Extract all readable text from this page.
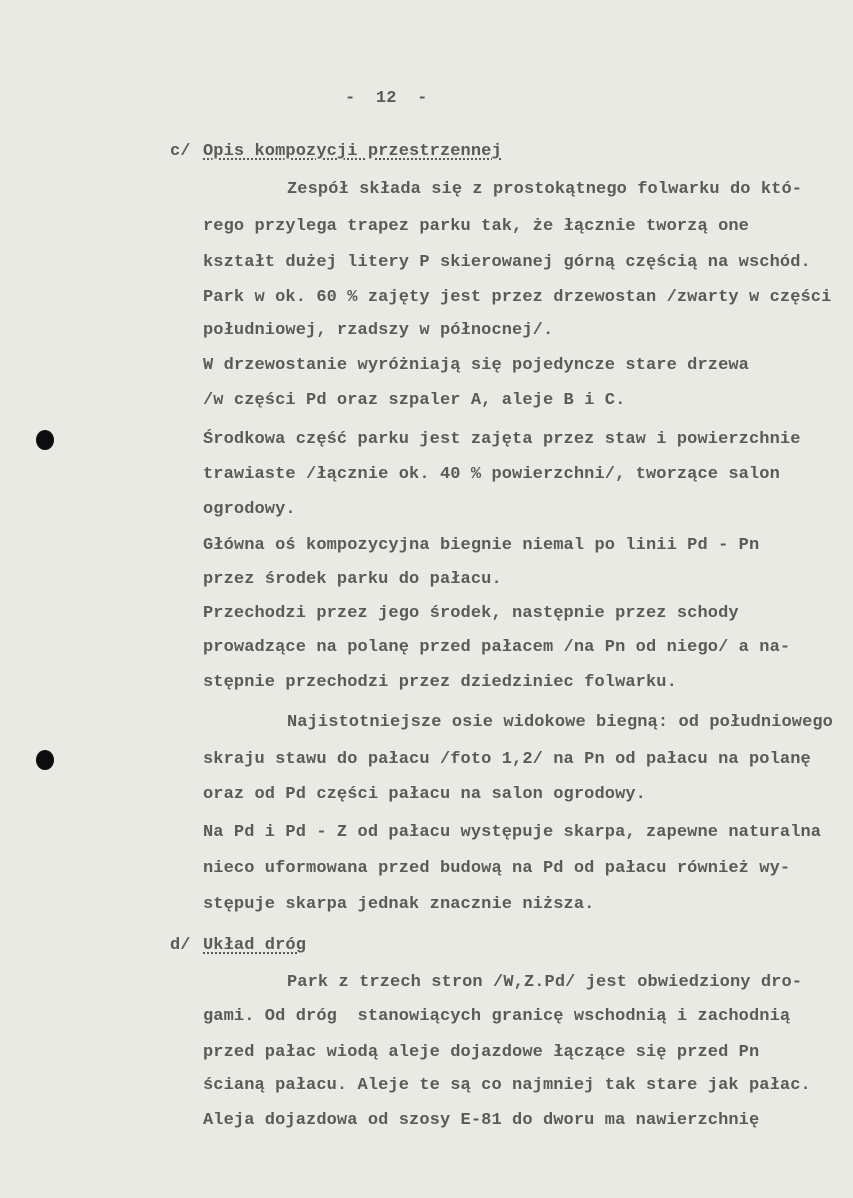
-  12  -
c/ Opis kompozycji przestrzennej
d/ Układ dróg
Zespół składa się z prostokątnego folwarku do któ-
rego przylega trapez parku tak, że łącznie tworzą one
kształt dużej litery P skierowanej górną częścią na wschód.
Park w ok. 60 % zajęty jest przez drzewostan /zwarty w części
południowej, rzadszy w północnej/.
W drzewostanie wyróżniają się pojedyncze stare drzewa
/w części Pd oraz szpaler A, aleje B i C.
Środkowa część parku jest zajęta przez staw i powierzchnie
trawiaste /łącznie ok. 40 % powierzchni/, tworzące salon
ogrodowy.
Główna oś kompozycyjna biegnie niemal po linii Pd - Pn
przez środek parku do pałacu.
Przechodzi przez jego środek, następnie przez schody
prowadzące na polanę przed pałacem /na Pn od niego/ a na-
stępnie przechodzi przez dziedziniec folwarku.
Najistotniejsze osie widokowe biegną: od południowego
skraju stawu do pałacu /foto 1,2/ na Pn od pałacu na polanę
oraz od Pd części pałacu na salon ogrodowy.
Na Pd i Pd - Z od pałacu występuje skarpa, zapewne naturalna
nieco uformowana przed budową na Pd od pałacu również wy-
stępuje skarpa jednak znacznie niższa.
Park z trzech stron /W,Z.Pd/ jest obwiedziony dro-
gami. Od dróg  stanowiących granicę wschodnią i zachodnią
przed pałac wiodą aleje dojazdowe łączące się przed Pn
ścianą pałacu. Aleje te są co najmniej tak stare jak pałac.
Aleja dojazdowa od szosy E-81 do dworu ma nawierzchnię
